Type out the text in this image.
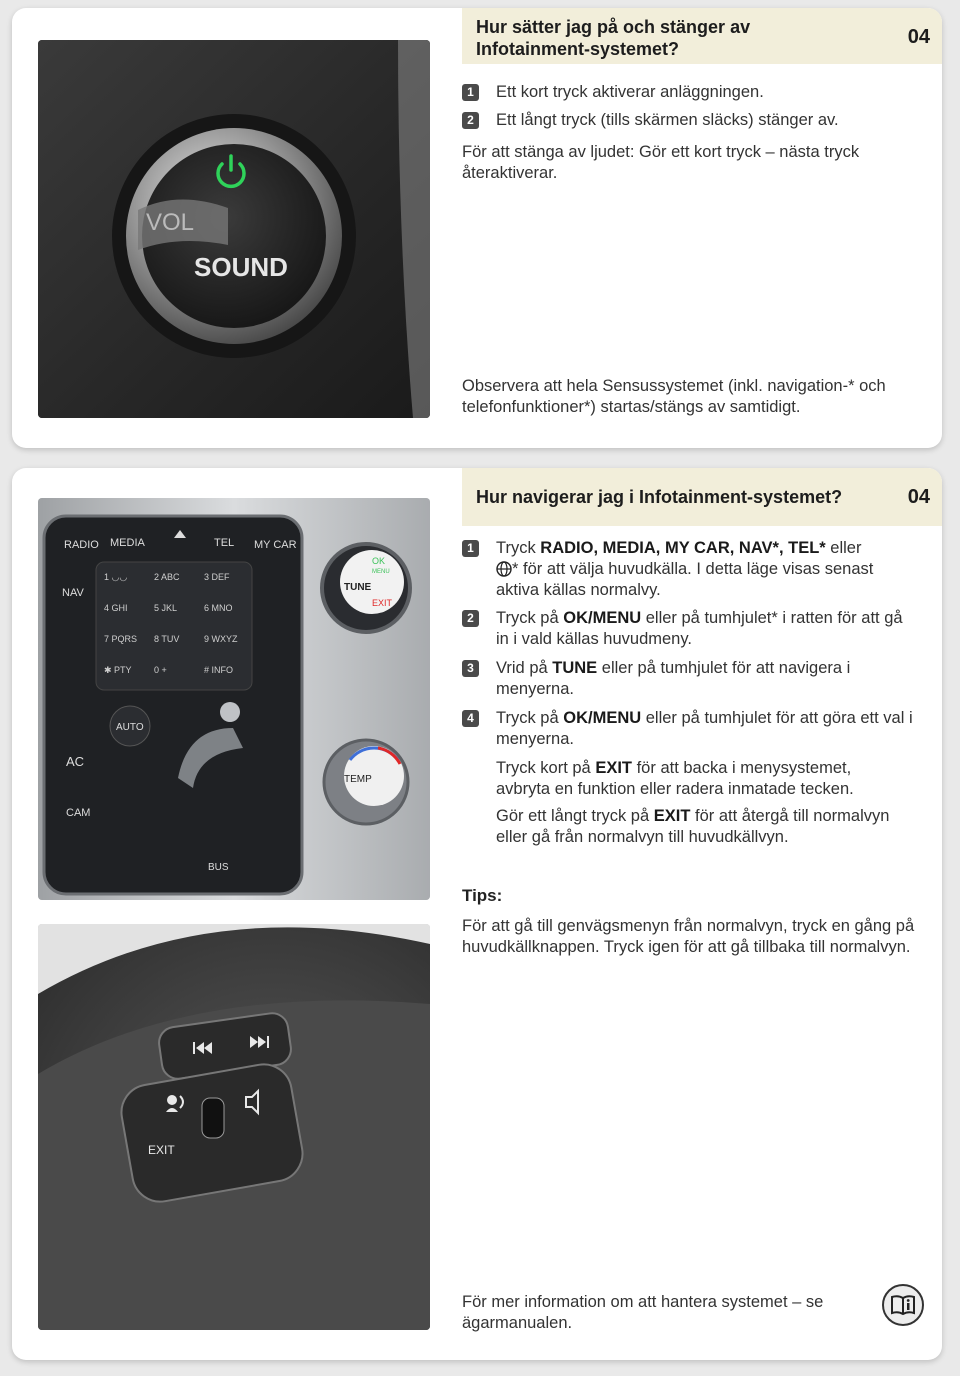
VOL
SOUND
Hur sätter jag på och stänger av Infotainment-systemet?
04
1	Ett kort tryck aktiverar anläggningen.
2	Ett långt tryck (tills skärmen släcks) stänger av.
För att stänga av ljudet: Gör ett kort tryck – nästa tryck återaktiverar.
Observera att hela Sensussystemet (inkl. navigation-* och telefonfunktioner*) startas/stängs av samtidigt.
Hur navigerar jag i Infotainment-systemet?	04
RADIO MEDIA	TEL MY CAR
NAV
1 ◡◡	2 ABC	3 DEF
4 GHI	5 JKL	6 MNO
7 PQRS 8 TUV	9 WXYZ
✱ PTY 0 +	# INFO
AC
CAM
AUTO
BUS
TUNE
OK
MENU
EXIT
TEMP
EXIT
1	Tryck RADIO, MEDIA, MY CAR, NAV*, TEL* eller
* för att välja huvudkälla. I detta läge visas senast aktiva källas normalvy.
2	Tryck på OK/MENU eller på tumhjulet* i ratten för att gå in i vald källas huvudmeny.
3	Vrid på TUNE eller på tumhjulet för att navigera i menyerna.
4	Tryck på OK/MENU eller på tumhjulet för att göra ett val i menyerna.
Tryck kort på EXIT för att backa i menysystemet, avbryta en funktion eller radera inmatade tecken.
Gör ett långt tryck på EXIT för att återgå till normalvyn eller gå från normalvyn till huvudkällvyn.
Tips:
För att gå till genvägsmenyn från normalvyn, tryck en gång på huvudkällknappen. Tryck igen för att gå tillbaka till normalvyn.
För mer information om att hantera systemet – se ägarmanualen.
